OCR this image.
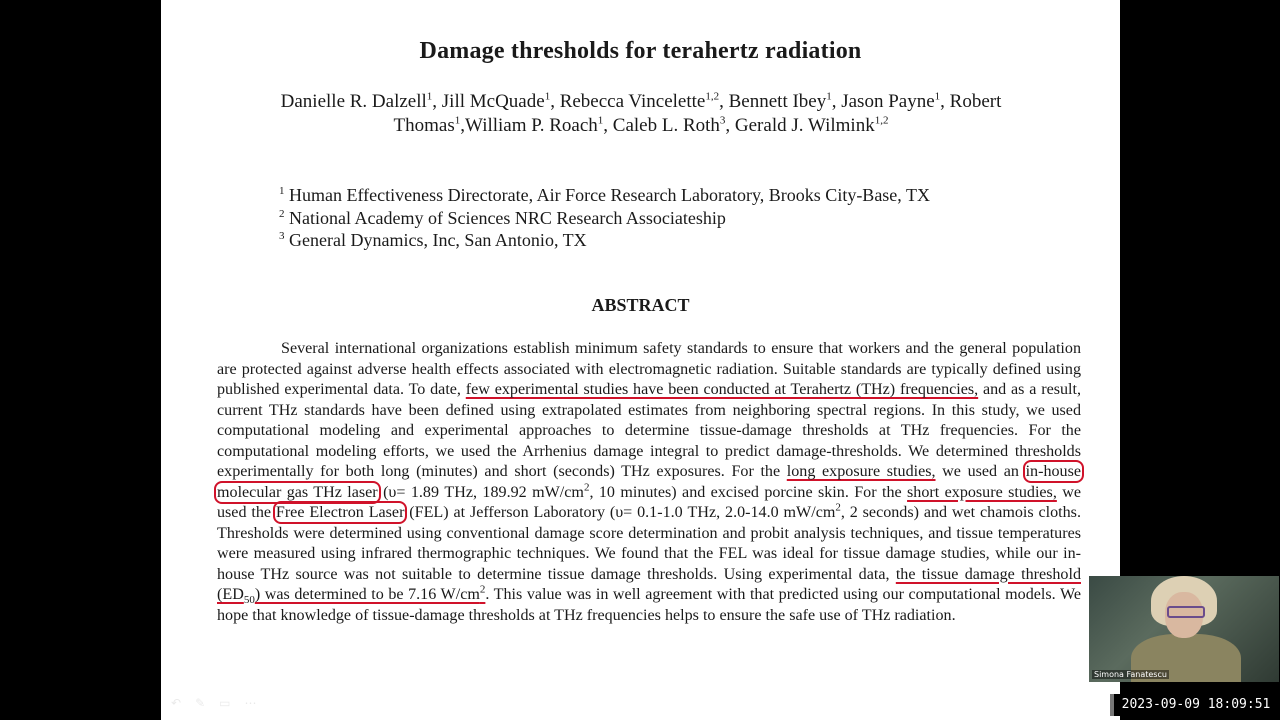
Damage thresholds for terahertz radiation
Danielle R. Dalzell$^1$, Jill McQuade$^1$, Rebecca Vincelette$^{1,2}$, Bennett Ibey$^1$, Jason Payne$^1$, Robert Thomas$^1$,William P. Roach$^1$, Caleb L. Roth$^3$, Gerald J. Wilmink$^{1,2}$
$^1$ Human Effectiveness Directorate, Air Force Research Laboratory, Brooks City-Base, TX
$^2$ National Academy of Sciences NRC Research Associateship
$^3$ General Dynamics, Inc, San Antonio, TX
ABSTRACT
Several international organizations establish minimum safety standards to ensure that workers and the general population are protected against adverse health effects associated with electromagnetic radiation. Suitable standards are typically defined using published experimental data. To date, few experimental studies have been conducted at Terahertz (THz) frequencies, and as a result, current THz standards have been defined using extrapolated estimates from neighboring spectral regions. In this study, we used computational modeling and experimental approaches to determine tissue-damage thresholds at THz frequencies. For the computational modeling efforts, we used the Arrhenius damage integral to predict damage-thresholds. We determined thresholds experimentally for both long (minutes) and short (seconds) THz exposures. For the long exposure studies, we used an in-house molecular gas THz laser (υ= 1.89 THz, 189.92 $mW/cm^2$, 10 minutes) and excised porcine skin. For the short exposure studies, we used the Free Electron Laser (FEL) at Jefferson Laboratory (υ= 0.1-1.0 THz, 2.0-14.0 $mW/cm^2$, 2 seconds) and wet chamois cloths. Thresholds were determined using conventional damage score determination and probit analysis techniques, and tissue temperatures were measured using infrared thermographic techniques. We found that the FEL was ideal for tissue damage studies, while our in-house THz source was not suitable to determine tissue damage thresholds. Using experimental data, the tissue damage threshold $(ED_{50})$ was determined to be 7.16 $W/cm^2$. This value was in well agreement with that predicted using our computational models. We hope that knowledge of tissue-damage thresholds at THz frequencies helps to ensure the safe use of THz radiation.
↶ ✎ ▭ ⋯
Simona Fanatescu
2023-09-09 18:09:51
